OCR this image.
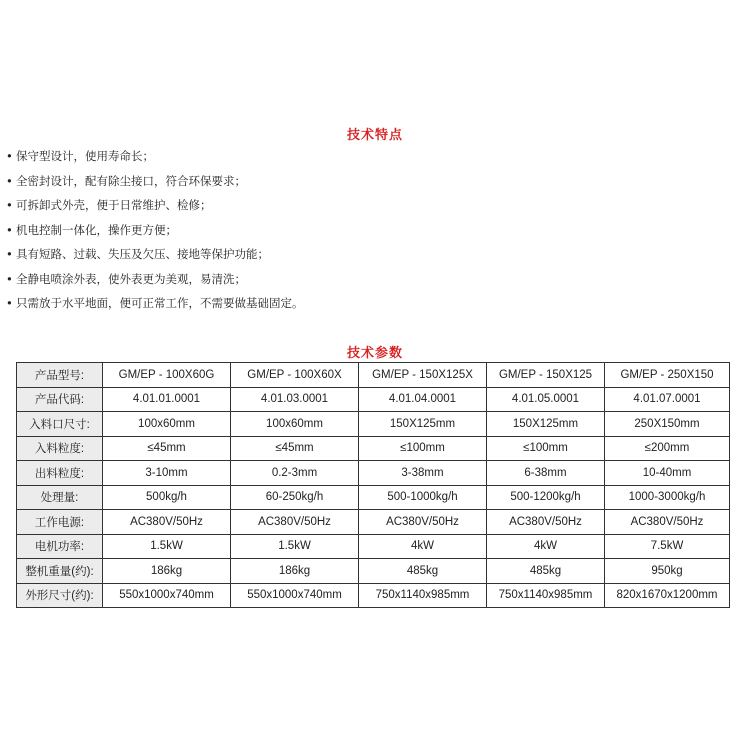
技术特点
• 保守型设计，使用寿命长；
• 全密封设计，配有除尘接口，符合环保要求；
• 可拆卸式外壳，便于日常维护、检修；
• 机电控制一体化，操作更方便；
• 具有短路、过载、失压及欠压、接地等保护功能；
• 全静电喷涂外表，使外表更为美观，易清洗；
• 只需放于水平地面，便可正常工作，不需要做基础固定。
技术参数
产品型号:	GM/EP - 100X60G	GM/EP - 100X60X	GM/EP - 150X125X	GM/EP - 150X125	GM/EP - 250X150
产品代码:	4.01.01.0001	4.01.03.0001	4.01.04.0001	4.01.05.0001	4.01.07.0001
入料口尺寸:	100x60mm	100x60mm	150X125mm	150X125mm	250X150mm
入料粒度:	≤45mm	≤45mm	≤100mm	≤100mm	≤200mm
出料粒度:	3-10mm	0.2-3mm	3-38mm	6-38mm	10-40mm
处理量:	500kg/h	60-250kg/h	500-1000kg/h	500-1200kg/h	1000-3000kg/h
工作电源:	AC380V/50Hz	AC380V/50Hz	AC380V/50Hz	AC380V/50Hz	AC380V/50Hz
电机功率:	1.5kW	1.5kW	4kW	4kW	7.5kW
整机重量(约):	186kg	186kg	485kg	485kg	950kg
外形尺寸(约):	550x1000x740mm	550x1000x740mm	750x1140x985mm	750x1140x985mm	820x1670x1200mm
